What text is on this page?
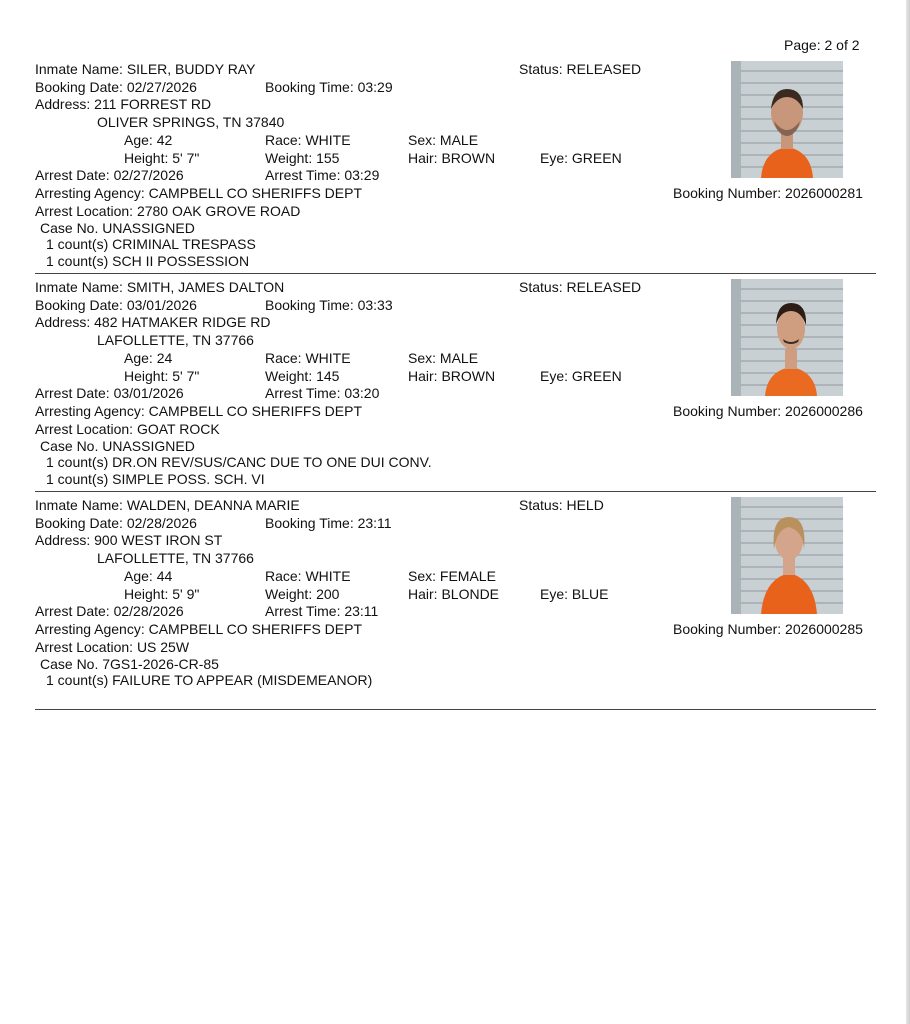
Page: 2 of 2
Inmate Name: SILER, BUDDY RAY	Status: RELEASED
Booking Date: 02/27/2026	Booking Time: 03:29
Address: 211 FORREST RD
OLIVER SPRINGS, TN 37840
Age: 42	Race: WHITE	Sex: MALE
Height: 5' 7"	Weight: 155	Hair: BROWN	Eye: GREEN
Arrest Date: 02/27/2026	Arrest Time: 03:29
Arresting Agency: CAMPBELL CO SHERIFFS DEPT	Booking Number: 2026000281
Arrest Location: 2780 OAK GROVE ROAD
Case No. UNASSIGNED
1 count(s) CRIMINAL TRESPASS
1 count(s) SCH II POSSESSION
Inmate Name: SMITH, JAMES DALTON	Status: RELEASED
Booking Date: 03/01/2026	Booking Time: 03:33
Address: 482 HATMAKER RIDGE RD
LAFOLLETTE, TN 37766
Age: 24	Race: WHITE	Sex: MALE
Height: 5' 7"	Weight: 145	Hair: BROWN	Eye: GREEN
Arrest Date: 03/01/2026	Arrest Time: 03:20
Arresting Agency: CAMPBELL CO SHERIFFS DEPT	Booking Number: 2026000286
Arrest Location: GOAT ROCK
Case No. UNASSIGNED
1 count(s) DR.ON REV/SUS/CANC DUE TO ONE DUI CONV.
1 count(s) SIMPLE POSS. SCH. VI
Inmate Name: WALDEN, DEANNA MARIE	Status: HELD
Booking Date: 02/28/2026	Booking Time: 23:11
Address: 900 WEST IRON ST
LAFOLLETTE, TN 37766
Age: 44	Race: WHITE	Sex: FEMALE
Height: 5' 9"	Weight: 200	Hair: BLONDE	Eye: BLUE
Arrest Date: 02/28/2026	Arrest Time: 23:11
Arresting Agency: CAMPBELL CO SHERIFFS DEPT	Booking Number: 2026000285
Arrest Location: US 25W
Case No. 7GS1-2026-CR-85
1 count(s) FAILURE TO APPEAR (MISDEMEANOR)
